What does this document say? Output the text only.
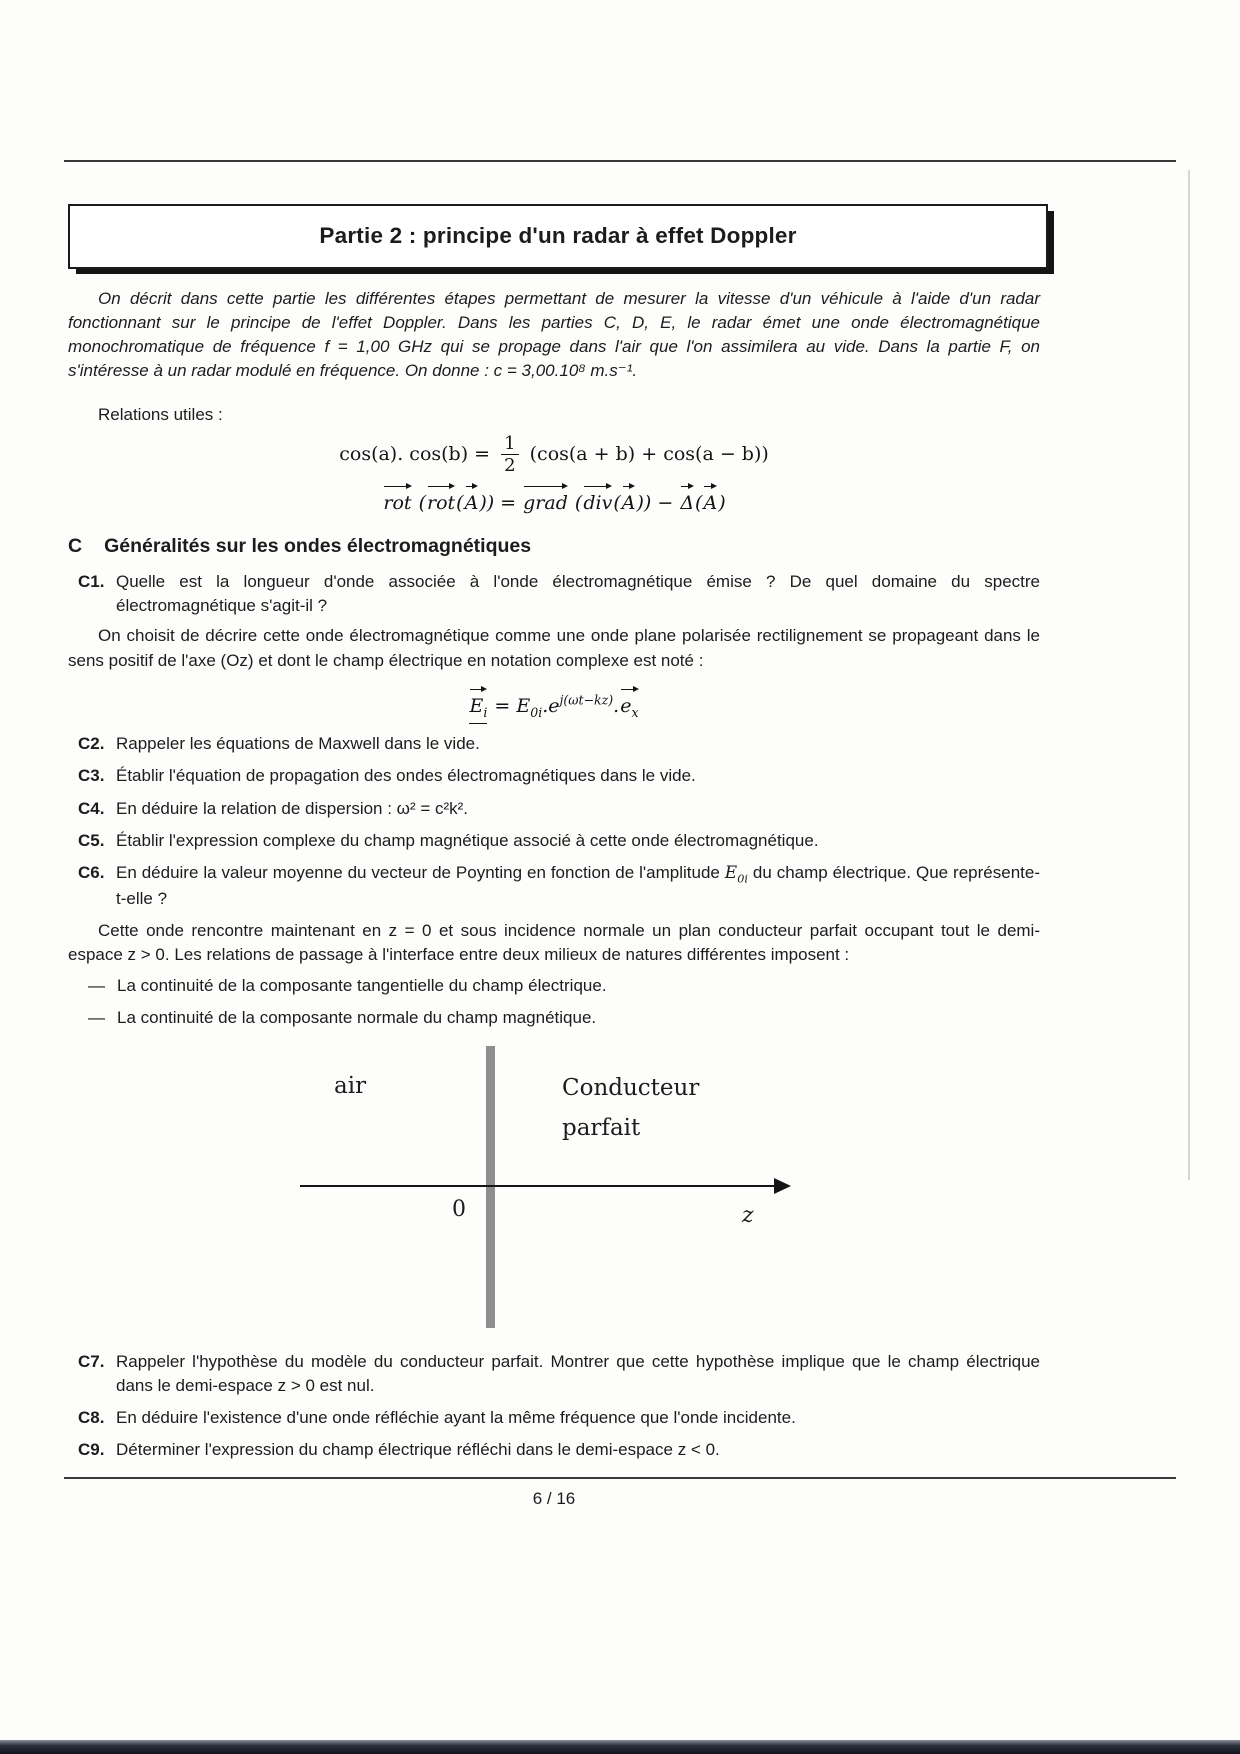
Partie 2 : principe d'un radar à effet Doppler

On décrit dans cette partie les différentes étapes permettant de mesurer la vitesse d'un véhicule à l'aide d'un radar fonctionnant sur le principe de l'effet Doppler. Dans les parties C, D, E, le radar émet une onde électromagnétique monochromatique de fréquence f = 1,00 GHz qui se propage dans l'air que l'on assimilera au vide. Dans la partie F, on s'intéresse à un radar modulé en fréquence. On donne : c = 3,00.10⁸ m.s⁻¹.

Relations utiles :

cos(a). $\cos(b) = \frac{1}{2} (\cos(a + b) + \cos(a - b))$
rot (rot(A)) = grad (div(A)) − Δ(A)
C Généralités sur les ondes électromagnétiques
C1. Quelle est la longueur d'onde associée à l'onde électromagnétique émise ? De quel domaine du spectre électromagnétique s'agit-il ?

On choisit de décrire cette onde électromagnétique comme une onde plane polarisée rectilignement se propageant dans le sens positif de l'axe (Oz) et dont le champ électrique en notation complexe est noté :

$E_i = E_{0i}.e^{j(\omega t-kz)}.e_x$
C2. Rappeler les équations de Maxwell dans le vide.
C3. Établir l'équation de propagation des ondes électromagnétiques dans le vide.
C4. En déduire la relation de dispersion : ω² = c²k².
C5. Établir l'expression complexe du champ magnétique associé à cette onde électromagnétique.
C6. En déduire la valeur moyenne du vecteur de Poynting en fonction de l'amplitude $E_{0i}$ du champ électrique. Que représente-t-elle ?

Cette onde rencontre maintenant en z = 0 et sous incidence normale un plan conducteur parfait occupant tout le demi-espace z > 0. Les relations de passage à l'interface entre deux milieux de natures différentes imposent :

— La continuité de la composante tangentielle du champ électrique.
— La continuité de la composante normale du champ magnétique.
air	Conducteur
parfait
0	z
C7. Rappeler l'hypothèse du modèle du conducteur parfait. Montrer que cette hypothèse implique que le champ électrique dans le demi-espace z > 0 est nul.
C8. En déduire l'existence d'une onde réfléchie ayant la même fréquence que l'onde incidente.
C9. Déterminer l'expression du champ électrique réfléchi dans le demi-espace z < 0.
6 / 16
